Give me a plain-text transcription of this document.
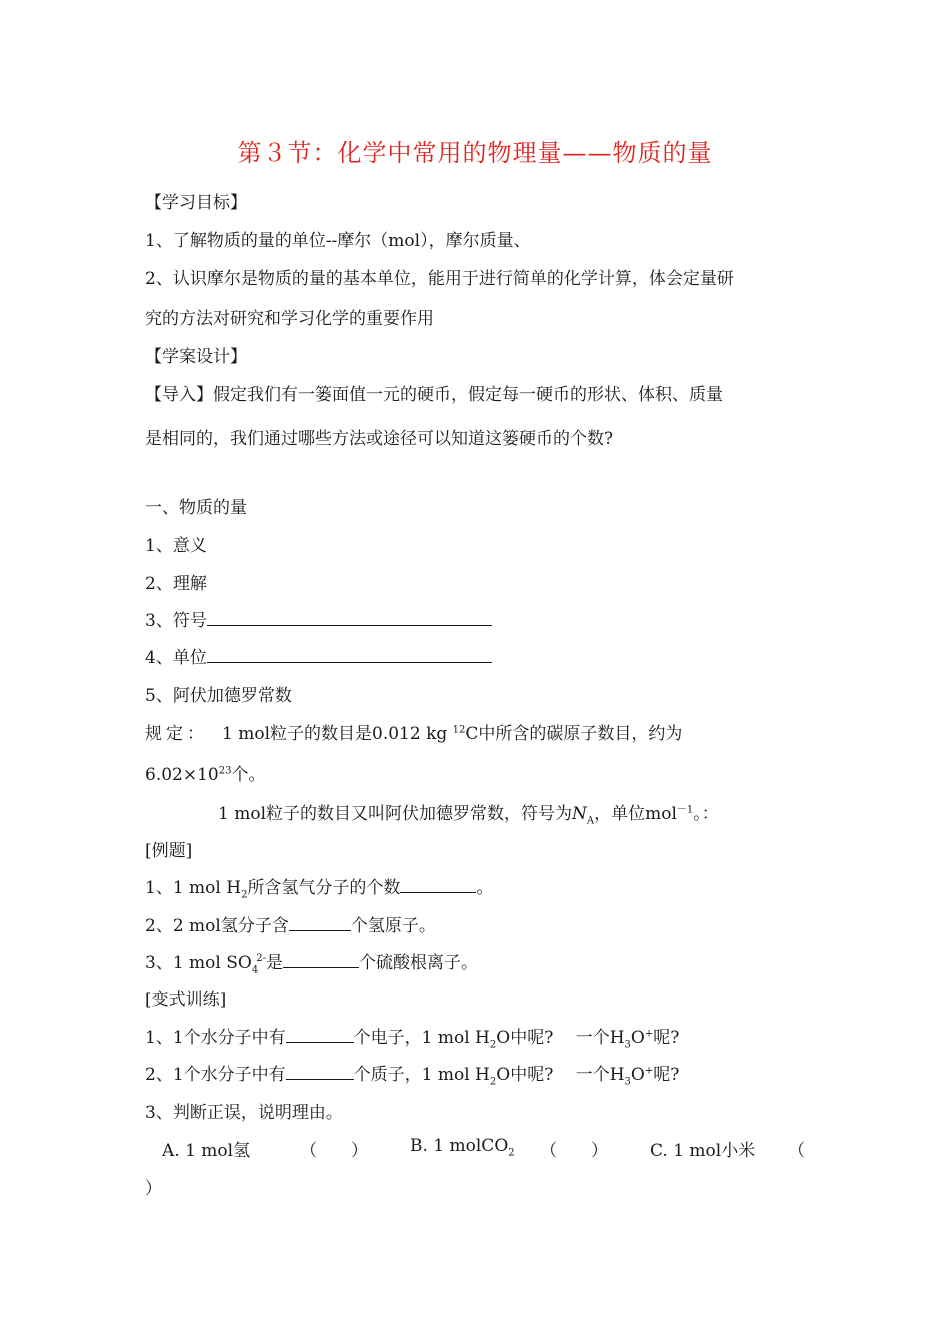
第３节：化学中常用的物理量——物质的量
【学习目标】
1、了解物质的量的单位--摩尔（mol），摩尔质量、
2、认识摩尔是物质的量的基本单位，能用于进行简单的化学计算，体会定量研
究的方法对研究和学习化学的重要作用
【学案设计】
【导入】假定我们有一篓面值一元的硬币，假定每一硬币的形状、体积、质量
是相同的，我们通过哪些方法或途径可以知道这篓硬币的个数?
一、物质的量
1、意义
2、理解
3、符号
4、单位
5、阿伏加德罗常数
规定： 1 mol粒子的数目是0.012 kg $^{12}$C中所含的碳原子数目，约为
$6.02\times 10^{23}$个。
1 mol粒子的数目又叫阿伏加德罗常数，符号为$N_A$，单位mol$^{-1}$。：
[例题]
1、1 mol $H_2$所含氢气分子的个数	。
2、2 mol氢分子含	个氢原子。
3、1 mol $SO_4^{2-}$是	个硫酸根离子。
[变式训练]
1、1个水分子中有	个电子，1 mol $H_2O$中呢?　 一个$H_3O^+$呢?
2、1个水分子中有	个质子，1 mol $H_2O$中呢?　 一个$H_3O^+$呢?
3、判断正误，说明理由。
A. 1 mol氢	（　　） B. 1 molCO$_2$ （　　） C. 1 mol小米 （
）
